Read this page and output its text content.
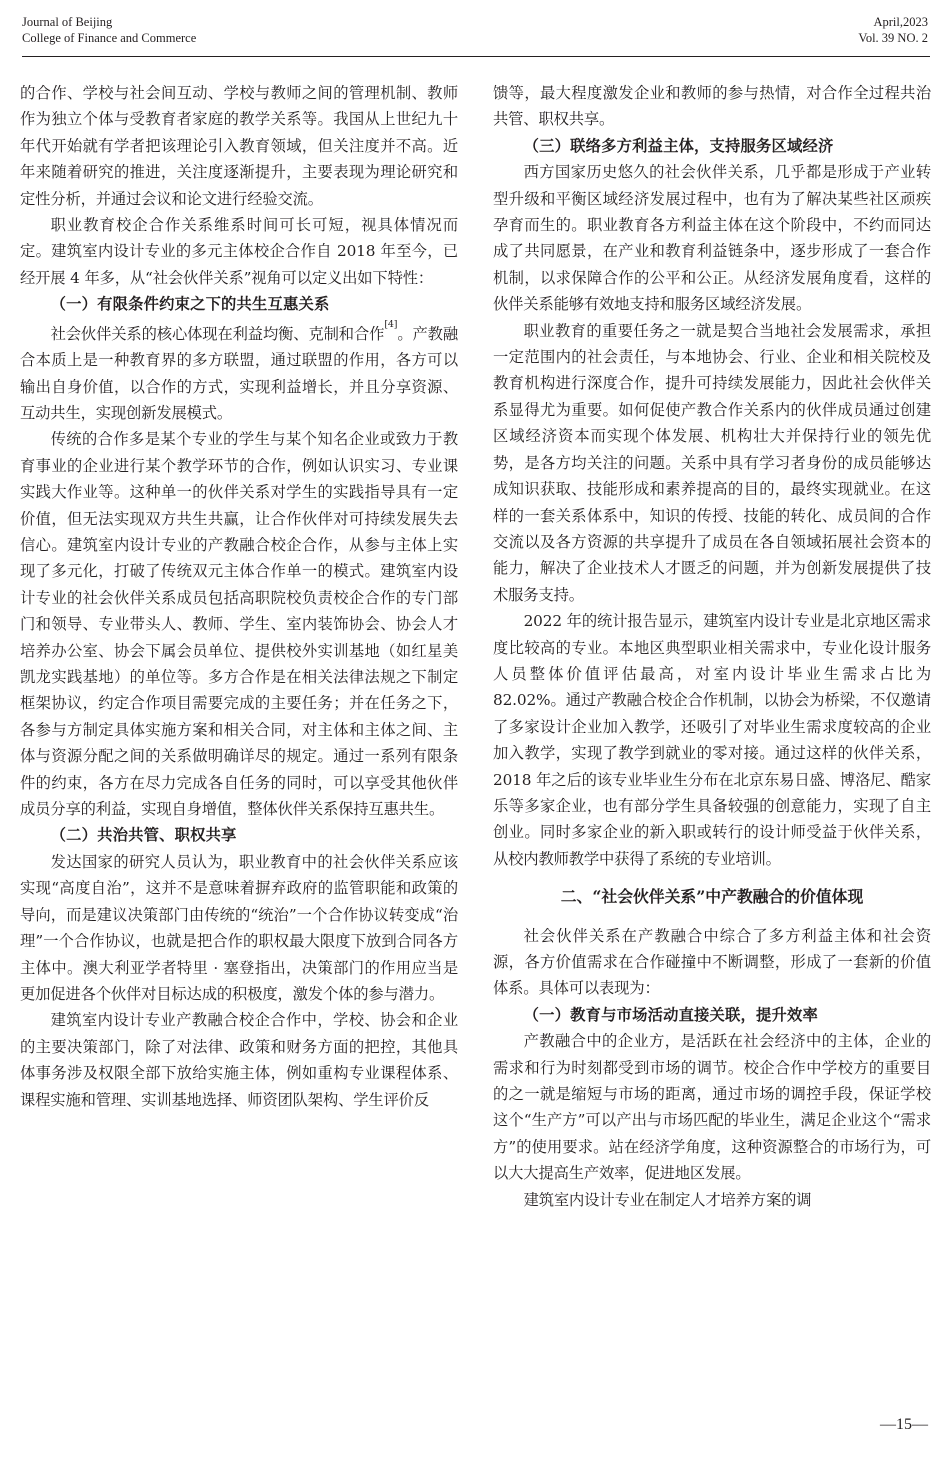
Journal of Beijing
College of Finance and Commerce
April,2023
Vol. 39 NO. 2

的合作、学校与社会间互动、学校与教师之间的管理机制、教师作为独立个体与受教育者家庭的教学关系等。我国从上世纪九十年代开始就有学者把该理论引入教育领域，但关注度并不高。近年来随着研究的推进，关注度逐渐提升，主要表现为理论研究和定性分析，并通过会议和论文进行经验交流。

职业教育校企合作关系维系时间可长可短，视具体情况而定。建筑室内设计专业的多元主体校企合作自 2018 年至今，已经开展 4 年多，从“社会伙伴关系”视角可以定义出如下特性：

（一）有限条件约束之下的共生互惠关系

社会伙伴关系的核心体现在利益均衡、克制和合作[4]。产教融合本质上是一种教育界的多方联盟，通过联盟的作用，各方可以输出自身价值，以合作的方式，实现利益增长，并且分享资源、互动共生，实现创新发展模式。

传统的合作多是某个专业的学生与某个知名企业或致力于教育事业的企业进行某个教学环节的合作，例如认识实习、专业课实践大作业等。这种单一的伙伴关系对学生的实践指导具有一定价值，但无法实现双方共生共赢，让合作伙伴对可持续发展失去信心。建筑室内设计专业的产教融合校企合作，从参与主体上实现了多元化，打破了传统双元主体合作单一的模式。建筑室内设计专业的社会伙伴关系成员包括高职院校负责校企合作的专门部门和领导、专业带头人、教师、学生、室内装饰协会、协会人才培养办公室、协会下属会员单位、提供校外实训基地（如红星美凯龙实践基地）的单位等。多方合作是在相关法律法规之下制定框架协议，约定合作项目需要完成的主要任务；并在任务之下，各参与方制定具体实施方案和相关合同，对主体和主体之间、主体与资源分配之间的关系做明确详尽的规定。通过一系列有限条件的约束，各方在尽力完成各自任务的同时，可以享受其他伙伴成员分享的利益，实现自身增值，整体伙伴关系保持互惠共生。

（二）共治共管、职权共享

发达国家的研究人员认为，职业教育中的社会伙伴关系应该实现“高度自治”，这并不是意味着摒弃政府的监管职能和政策的导向，而是建议决策部门由传统的“统治”一个合作协议转变成“治理”一个合作协议，也就是把合作的职权最大限度下放到合同各方主体中。澳大利亚学者特里 · 塞登指出，决策部门的作用应当是更加促进各个伙伴对目标达成的积极度，激发个体的参与潜力。

建筑室内设计专业产教融合校企合作中，学校、协会和企业的主要决策部门，除了对法律、政策和财务方面的把控，其他具体事务涉及权限全部下放给实施主体，例如重构专业课程体系、课程实施和管理、实训基地选择、师资团队架构、学生评价反

馈等，最大程度激发企业和教师的参与热情，对合作全过程共治共管、职权共享。

（三）联络多方利益主体，支持服务区域经济

西方国家历史悠久的社会伙伴关系，几乎都是形成于产业转型升级和平衡区域经济发展过程中，也有为了解决某些社区顽疾孕育而生的。职业教育各方利益主体在这个阶段中，不约而同达成了共同愿景，在产业和教育利益链条中，逐步形成了一套合作机制，以求保障合作的公平和公正。从经济发展角度看，这样的伙伴关系能够有效地支持和服务区域经济发展。

职业教育的重要任务之一就是契合当地社会发展需求，承担一定范围内的社会责任，与本地协会、行业、企业和相关院校及教育机构进行深度合作，提升可持续发展能力，因此社会伙伴关系显得尤为重要。如何促使产教合作关系内的伙伴成员通过创建区域经济资本而实现个体发展、机构壮大并保持行业的领先优势，是各方均关注的问题。关系中具有学习者身份的成员能够达成知识获取、技能形成和素养提高的目的，最终实现就业。在这样的一套关系体系中，知识的传授、技能的转化、成员间的合作交流以及各方资源的共享提升了成员在各自领域拓展社会资本的能力，解决了企业技术人才匮乏的问题，并为创新发展提供了技术服务支持。

2022 年的统计报告显示，建筑室内设计专业是北京地区需求度比较高的专业。本地区典型职业相关需求中，专业化设计服务人员整体价值评估最高，对室内设计毕业生需求占比为 82.02%。通过产教融合校企合作机制，以协会为桥梁，不仅邀请了多家设计企业加入教学，还吸引了对毕业生需求度较高的企业加入教学，实现了教学到就业的零对接。通过这样的伙伴关系，2018 年之后的该专业毕业生分布在北京东易日盛、博洛尼、酷家乐等多家企业，也有部分学生具备较强的创意能力，实现了自主创业。同时多家企业的新入职或转行的设计师受益于伙伴关系，从校内教师教学中获得了系统的专业培训。

二、“社会伙伴关系”中产教融合的价值体现

社会伙伴关系在产教融合中综合了多方利益主体和社会资源，各方价值需求在合作碰撞中不断调整，形成了一套新的价值体系。具体可以表现为：

（一）教育与市场活动直接关联，提升效率

产教融合中的企业方，是活跃在社会经济中的主体，企业的需求和行为时刻都受到市场的调节。校企合作中学校方的重要目的之一就是缩短与市场的距离，通过市场的调控手段，保证学校这个“生产方”可以产出与市场匹配的毕业生，满足企业这个“需求方”的使用要求。站在经济学角度，这种资源整合的市场行为，可以大大提高生产效率，促进地区发展。

建筑室内设计专业在制定人才培养方案的调

—15—
